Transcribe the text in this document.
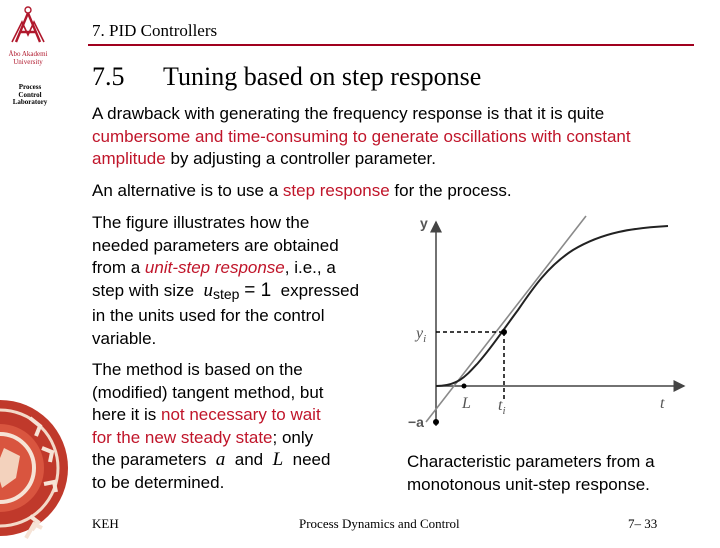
Åbo Akademi
University
Process
Control
Laboratory
7. PID Controllers
7.5 Tuning based on step response
A drawback with generating the frequency response is that it is quite
cumbersome and time-consuming to generate oscillations with constant
amplitude by adjusting a controller parameter.
An alternative is to use a step response for the process.
The figure illustrates how the
needed parameters are obtained
from a unit-step response, i.e., a
step with size ustep = 1 expressed
in the units used for the control
variable.
The method is based on the
(modified) tangent method, but
here it is not necessary to wait
for the new steady state; only
the parameters a and L need
to be determined.
y
t
$y_i$
$t_i$
L
−a
Characteristic parameters from a
monotonous unit-step response.
KEH	Process Dynamics and Control	7– 33
